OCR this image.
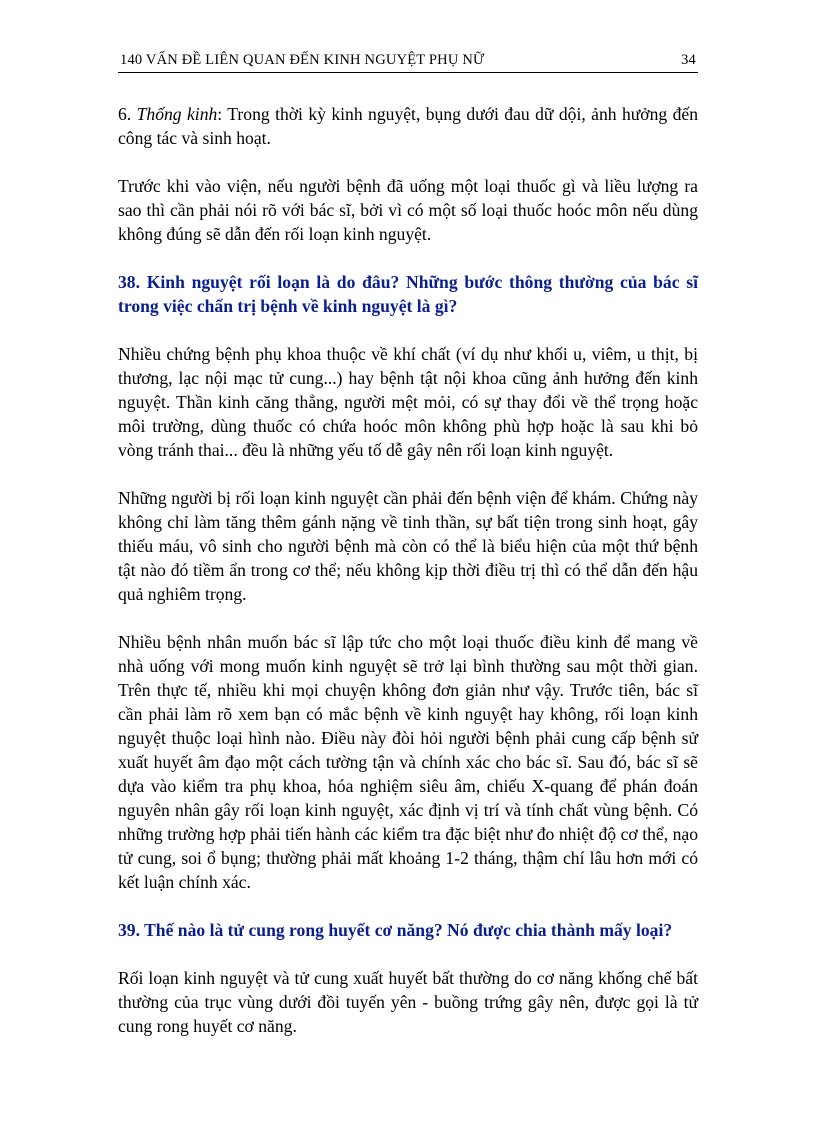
140 VẤN ĐỀ LIÊN QUAN ĐẾN KINH NGUYỆT PHỤ NỮ	34

6. Thống kinh: Trong thời kỳ kinh nguyệt, bụng dưới đau dữ dội, ảnh hưởng đến công tác và sinh hoạt.

Trước khi vào viện, nếu người bệnh đã uống một loại thuốc gì và liều lượng ra sao thì cần phải nói rõ với bác sĩ, bởi vì có một số loại thuốc hoóc môn nếu dùng không đúng sẽ dẫn đến rối loạn kinh nguyệt.

38. Kinh nguyệt rối loạn là do đâu? Những bước thông thường của bác sĩ trong việc chẩn trị bệnh về kinh nguyệt là gì?

Nhiều chứng bệnh phụ khoa thuộc về khí chất (ví dụ như khối u, viêm, u thịt, bị thương, lạc nội mạc tử cung...) hay bệnh tật nội khoa cũng ảnh hưởng đến kinh nguyệt. Thần kinh căng thẳng, người mệt mỏi, có sự thay đổi về thể trọng hoặc môi trường, dùng thuốc có chứa hoóc môn không phù hợp hoặc là sau khi bỏ vòng tránh thai... đều là những yếu tố dễ gây nên rối loạn kinh nguyệt.

Những người bị rối loạn kinh nguyệt cần phải đến bệnh viện để khám. Chứng này không chỉ làm tăng thêm gánh nặng về tinh thần, sự bất tiện trong sinh hoạt, gây thiếu máu, vô sinh cho người bệnh mà còn có thể là biểu hiện của một thứ bệnh tật nào đó tiềm ẩn trong cơ thể; nếu không kịp thời điều trị thì có thể dẫn đến hậu quả nghiêm trọng.

Nhiều bệnh nhân muốn bác sĩ lập tức cho một loại thuốc điều kinh để mang về nhà uống với mong muốn kinh nguyệt sẽ trở lại bình thường sau một thời gian. Trên thực tế, nhiều khi mọi chuyện không đơn giản như vậy. Trước tiên, bác sĩ cần phải làm rõ xem bạn có mắc bệnh về kinh nguyệt hay không, rối loạn kinh nguyệt thuộc loại hình nào. Điều này đòi hỏi người bệnh phải cung cấp bệnh sử xuất huyết âm đạo một cách tường tận và chính xác cho bác sĩ. Sau đó, bác sĩ sẽ dựa vào kiểm tra phụ khoa, hóa nghiệm siêu âm, chiếu X-quang để phán đoán nguyên nhân gây rối loạn kinh nguyệt, xác định vị trí và tính chất vùng bệnh. Có những trường hợp phải tiến hành các kiểm tra đặc biệt như đo nhiệt độ cơ thể, nạo tử cung, soi ổ bụng; thường phải mất khoảng 1-2 tháng, thậm chí lâu hơn mới có kết luận chính xác.

39. Thế nào là tử cung rong huyết cơ năng? Nó được chia thành mấy loại?

Rối loạn kinh nguyệt và tử cung xuất huyết bất thường do cơ năng khống chế bất thường của trục vùng dưới đồi tuyến yên - buồng trứng gây nên, được gọi là tử cung rong huyết cơ năng.
